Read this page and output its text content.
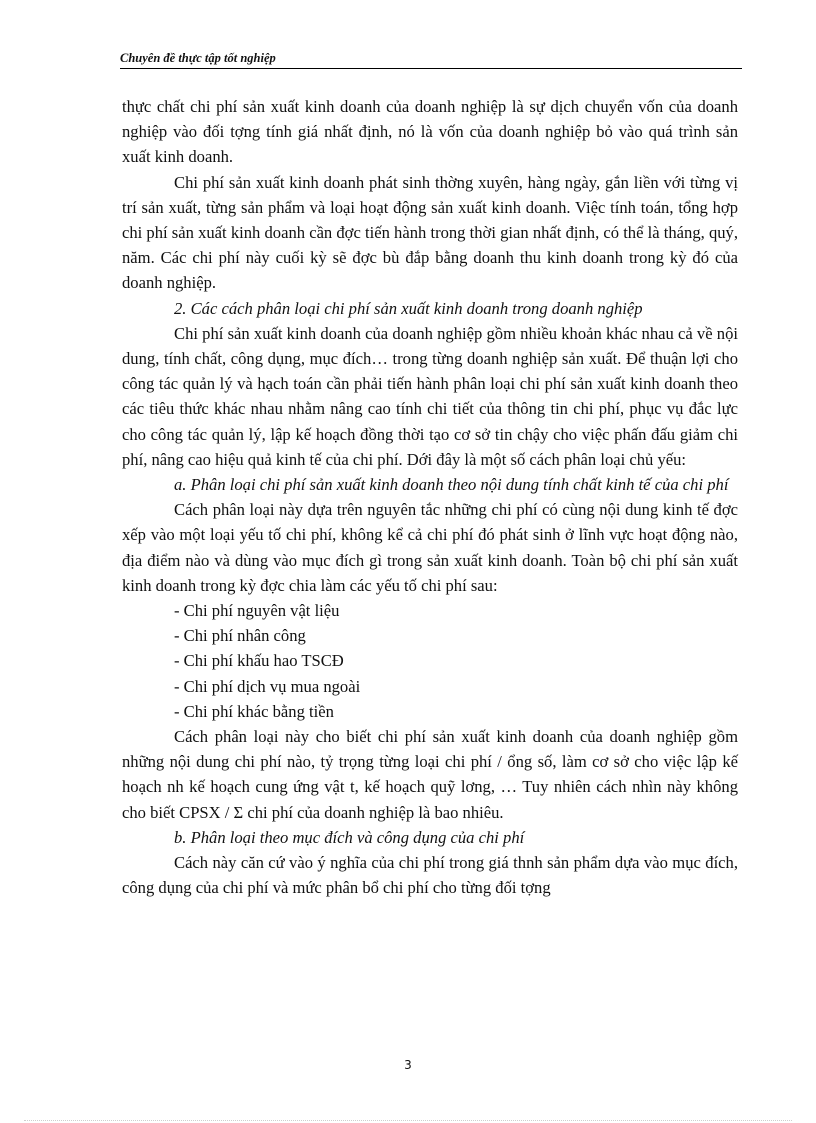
Chuyên đề thực tập tốt nghiệp

thực chất chi phí sản xuất kinh doanh của doanh nghiệp là sự dịch chuyển vốn của doanh nghiệp vào đối tợng tính giá nhất định, nó là vốn của doanh nghiệp bỏ vào quá trình sản xuất kinh doanh.

Chi phí sản xuất kinh doanh phát sinh thờng xuyên, hàng ngày, gắn liền với từng vị trí sản xuất, từng sản phẩm và loại hoạt động sản xuất kinh doanh. Việc tính toán, tổng hợp chi phí sản xuất kinh doanh cần đợc tiến hành trong thời gian nhất định, có thể là tháng, quý, năm. Các chi phí này cuối kỳ sẽ đợc bù đắp bằng doanh thu kinh doanh trong kỳ đó của doanh nghiệp.

2. Các cách phân loại chi phí sản xuất kinh doanh trong doanh nghiệp

Chi phí sản xuất kinh doanh của doanh nghiệp gồm nhiều khoản khác nhau cả về nội dung, tính chất, công dụng, mục đích… trong từng doanh nghiệp sản xuất. Để thuận lợi cho công tác quản lý và hạch toán cần phải tiến hành phân loại chi phí sản xuất kinh doanh theo các tiêu thức khác nhau nhằm nâng cao tính chi tiết của thông tin chi phí, phục vụ đắc lực cho công tác quản lý, lập kế hoạch đồng thời tạo cơ sở tin chậy cho việc phấn đấu giảm chi phí, nâng cao hiệu quả kinh tế của chi phí. Dới đây là một số cách phân loại chủ yếu:

a. Phân loại chi phí sản xuất kinh doanh theo nội dung tính chất kinh tế của chi phí

Cách phân loại này dựa trên nguyên tắc những chi phí có cùng nội dung kinh tế đợc xếp vào một loại yếu tố chi phí, không kể cả chi phí đó phát sinh ở lĩnh vực hoạt động nào, địa điểm nào và dùng vào mục đích gì trong sản xuất kinh doanh. Toàn bộ chi phí sản xuất kinh doanh trong kỳ đợc chia làm các yếu tố chi phí sau:

- Chi phí nguyên vật liệu

- Chi phí nhân công

- Chi phí khấu hao TSCĐ

- Chi phí dịch vụ mua ngoài

- Chi phí khác bằng tiền

Cách phân loại này cho biết chi phí sản xuất kinh doanh của doanh nghiệp gồm những nội dung chi phí nào, tỷ trọng từng loại chi phí / ổng số, làm cơ sở cho việc lập kế hoạch nh kế hoạch cung ứng vật t, kế hoạch quỹ lơng, … Tuy nhiên cách nhìn này không cho biết CPSX / Σ chi phí của doanh nghiệp là bao nhiêu.

b. Phân loại theo mục đích và công dụng của chi phí

Cách này căn cứ vào ý nghĩa của chi phí trong giá thnh sản phẩm dựa vào mục đích, công dụng của chi phí và mức phân bổ chi phí cho từng đối tợng

3
